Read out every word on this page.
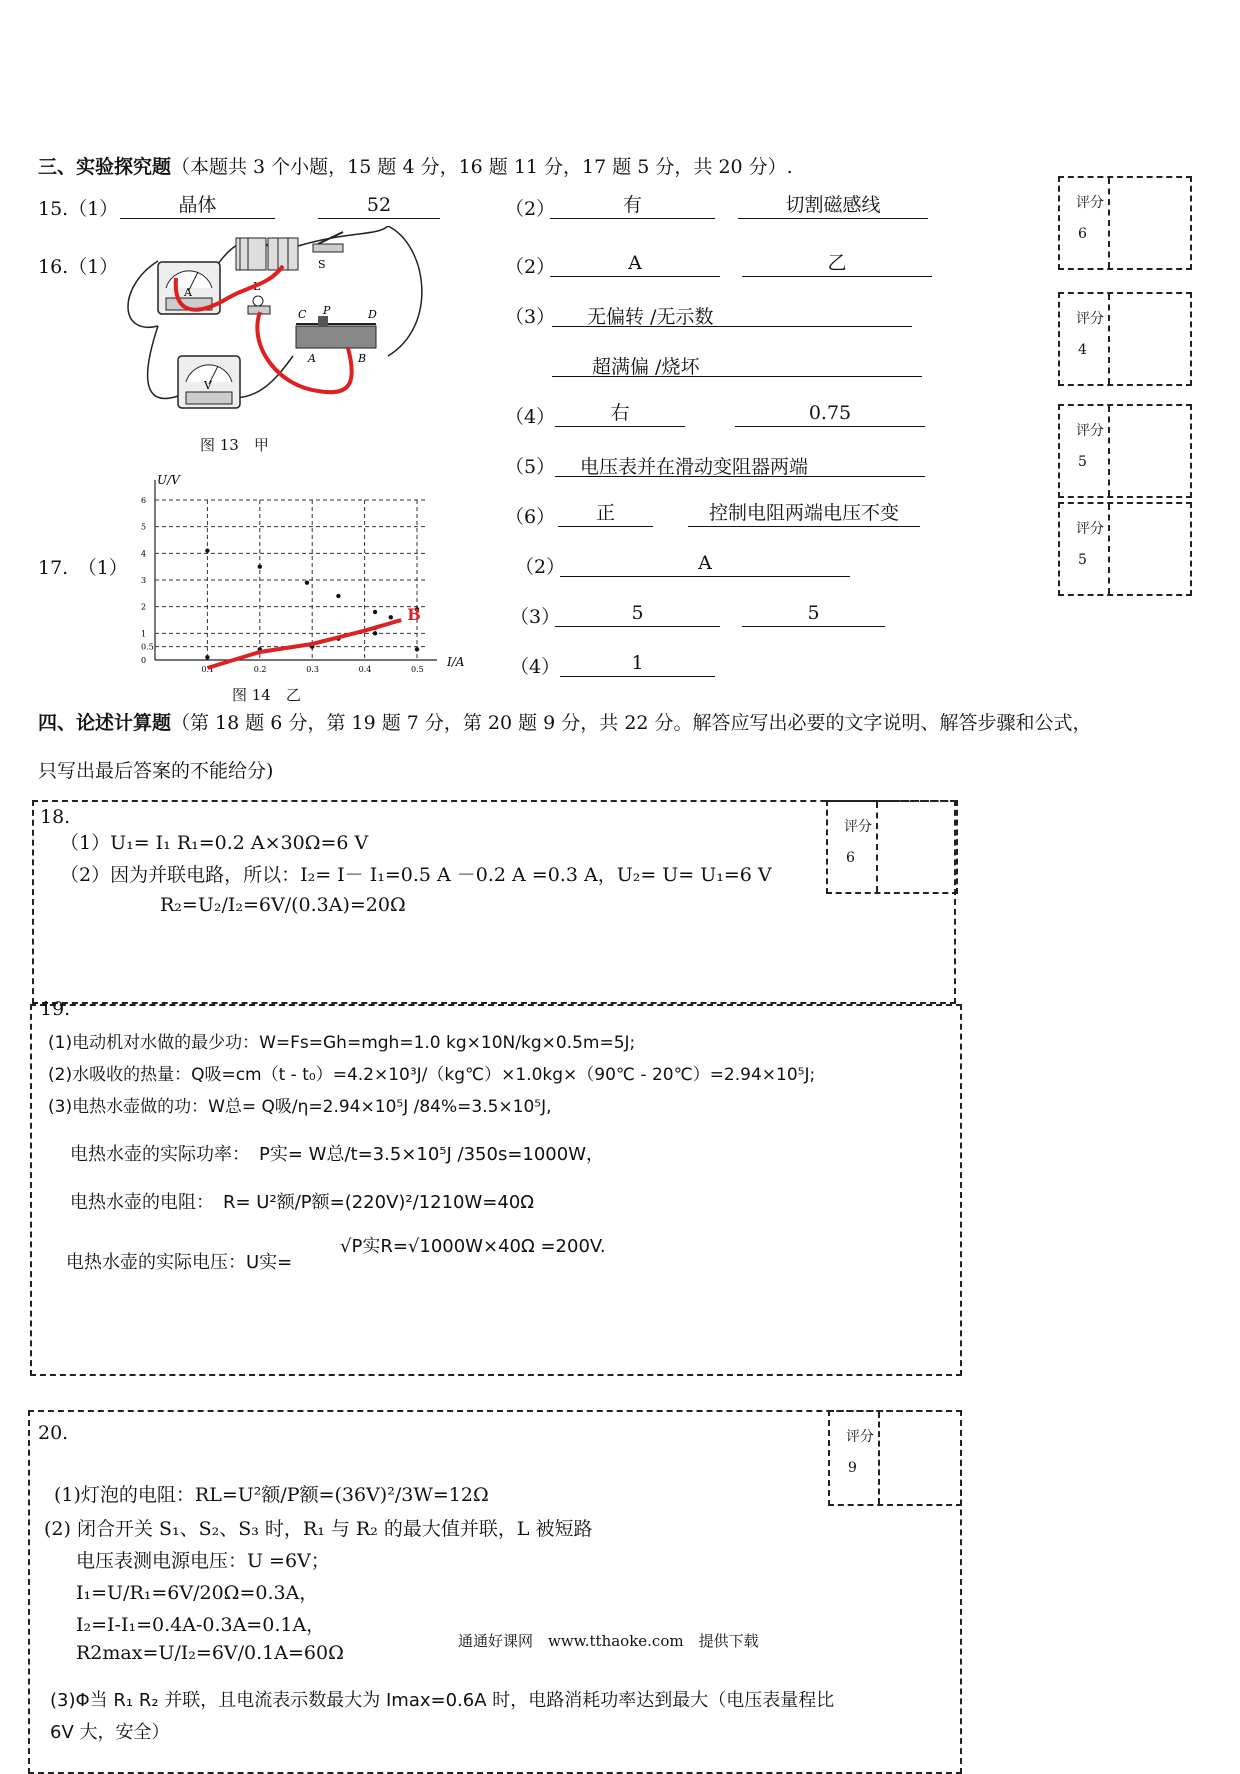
三、实验探究题（本题共 3 个小题，15 题 4 分，16 题 11 分，17 题 5 分，共 20 分）.
15.（1）	晶体	52	（2）	有	切割磁感线
16.（1）
A
V
S
L
C P	D
A	B
图 13　甲
（2）	A	乙
（3） 无偏转 /无示数
超满偏 /烧坏
（4）	右	0.75
（5） 电压表并在滑动变阻器两端
（6）	正	控制电阻两端电压不变
17.　（1）
0.1	0.2	0.3	0.4	0.5
0
0.5
1
2
3
4
5
6
B
U/V
I/A
图 14　乙
（2）	A
（3）	5	5
（4）	1
评分
6
评分
4
评分
5
评分
5
四、论述计算题（第 18 题 6 分，第 19 题 7 分，第 20 题 9 分，共 22 分。解答应写出必要的文字说明、解答步骤和公式，
只写出最后答案的不能给分)
18.
（1）U₁= I₁ R₁=0.2 A×30Ω=6 V
（2）因为并联电路，所以：I₂= I－ I₁=0.5 A －0.2 A =0.3 A，U₂= U= U₁=6 V
R₂=U₂/I₂=6V/(0.3A)=20Ω
评分
6
19.
(1)电动机对水做的最少功：W=Fs=Gh=mgh=1.0 kg×10N/kg×0.5m=5J;
(2)水吸收的热量：Q吸=cm（t - t₀）=4.2×10³J/（kg℃）×1.0kg×（90℃ - 20℃）=2.94×10⁵J;
(3)电热水壶做的功：W总= Q吸/η=2.94×10⁵J /84%=3.5×10⁵J,
电热水壶的实际功率：　P实= W总/t=3.5×10⁵J /350s=1000W，
电热水壶的电阻：　R= U²额/P额=(220V)²/1210W=40Ω
电热水壶的实际电压：U实=
√P实R=√1000W×40Ω =200V.
20.	评分
9
(1)灯泡的电阻：RL=U²额/P额=(36V)²/3W=12Ω
(2) 闭合开关 S₁、S₂、S₃ 时，R₁ 与 R₂ 的最大值并联，L 被短路
电压表测电源电压：U =6V；
I₁=U/R₁=6V/20Ω=0.3A，
I₂=I-I₁=0.4A-0.3A=0.1A，
R2max=U/I₂=6V/0.1A=60Ω
(3)Φ当 R₁ R₂ 并联，且电流表示数最大为 Imax=0.6A 时，电路消耗功率达到最大（电压表量程比
6V 大，安全）
通通好课网　www.tthaoke.com　提供下载
